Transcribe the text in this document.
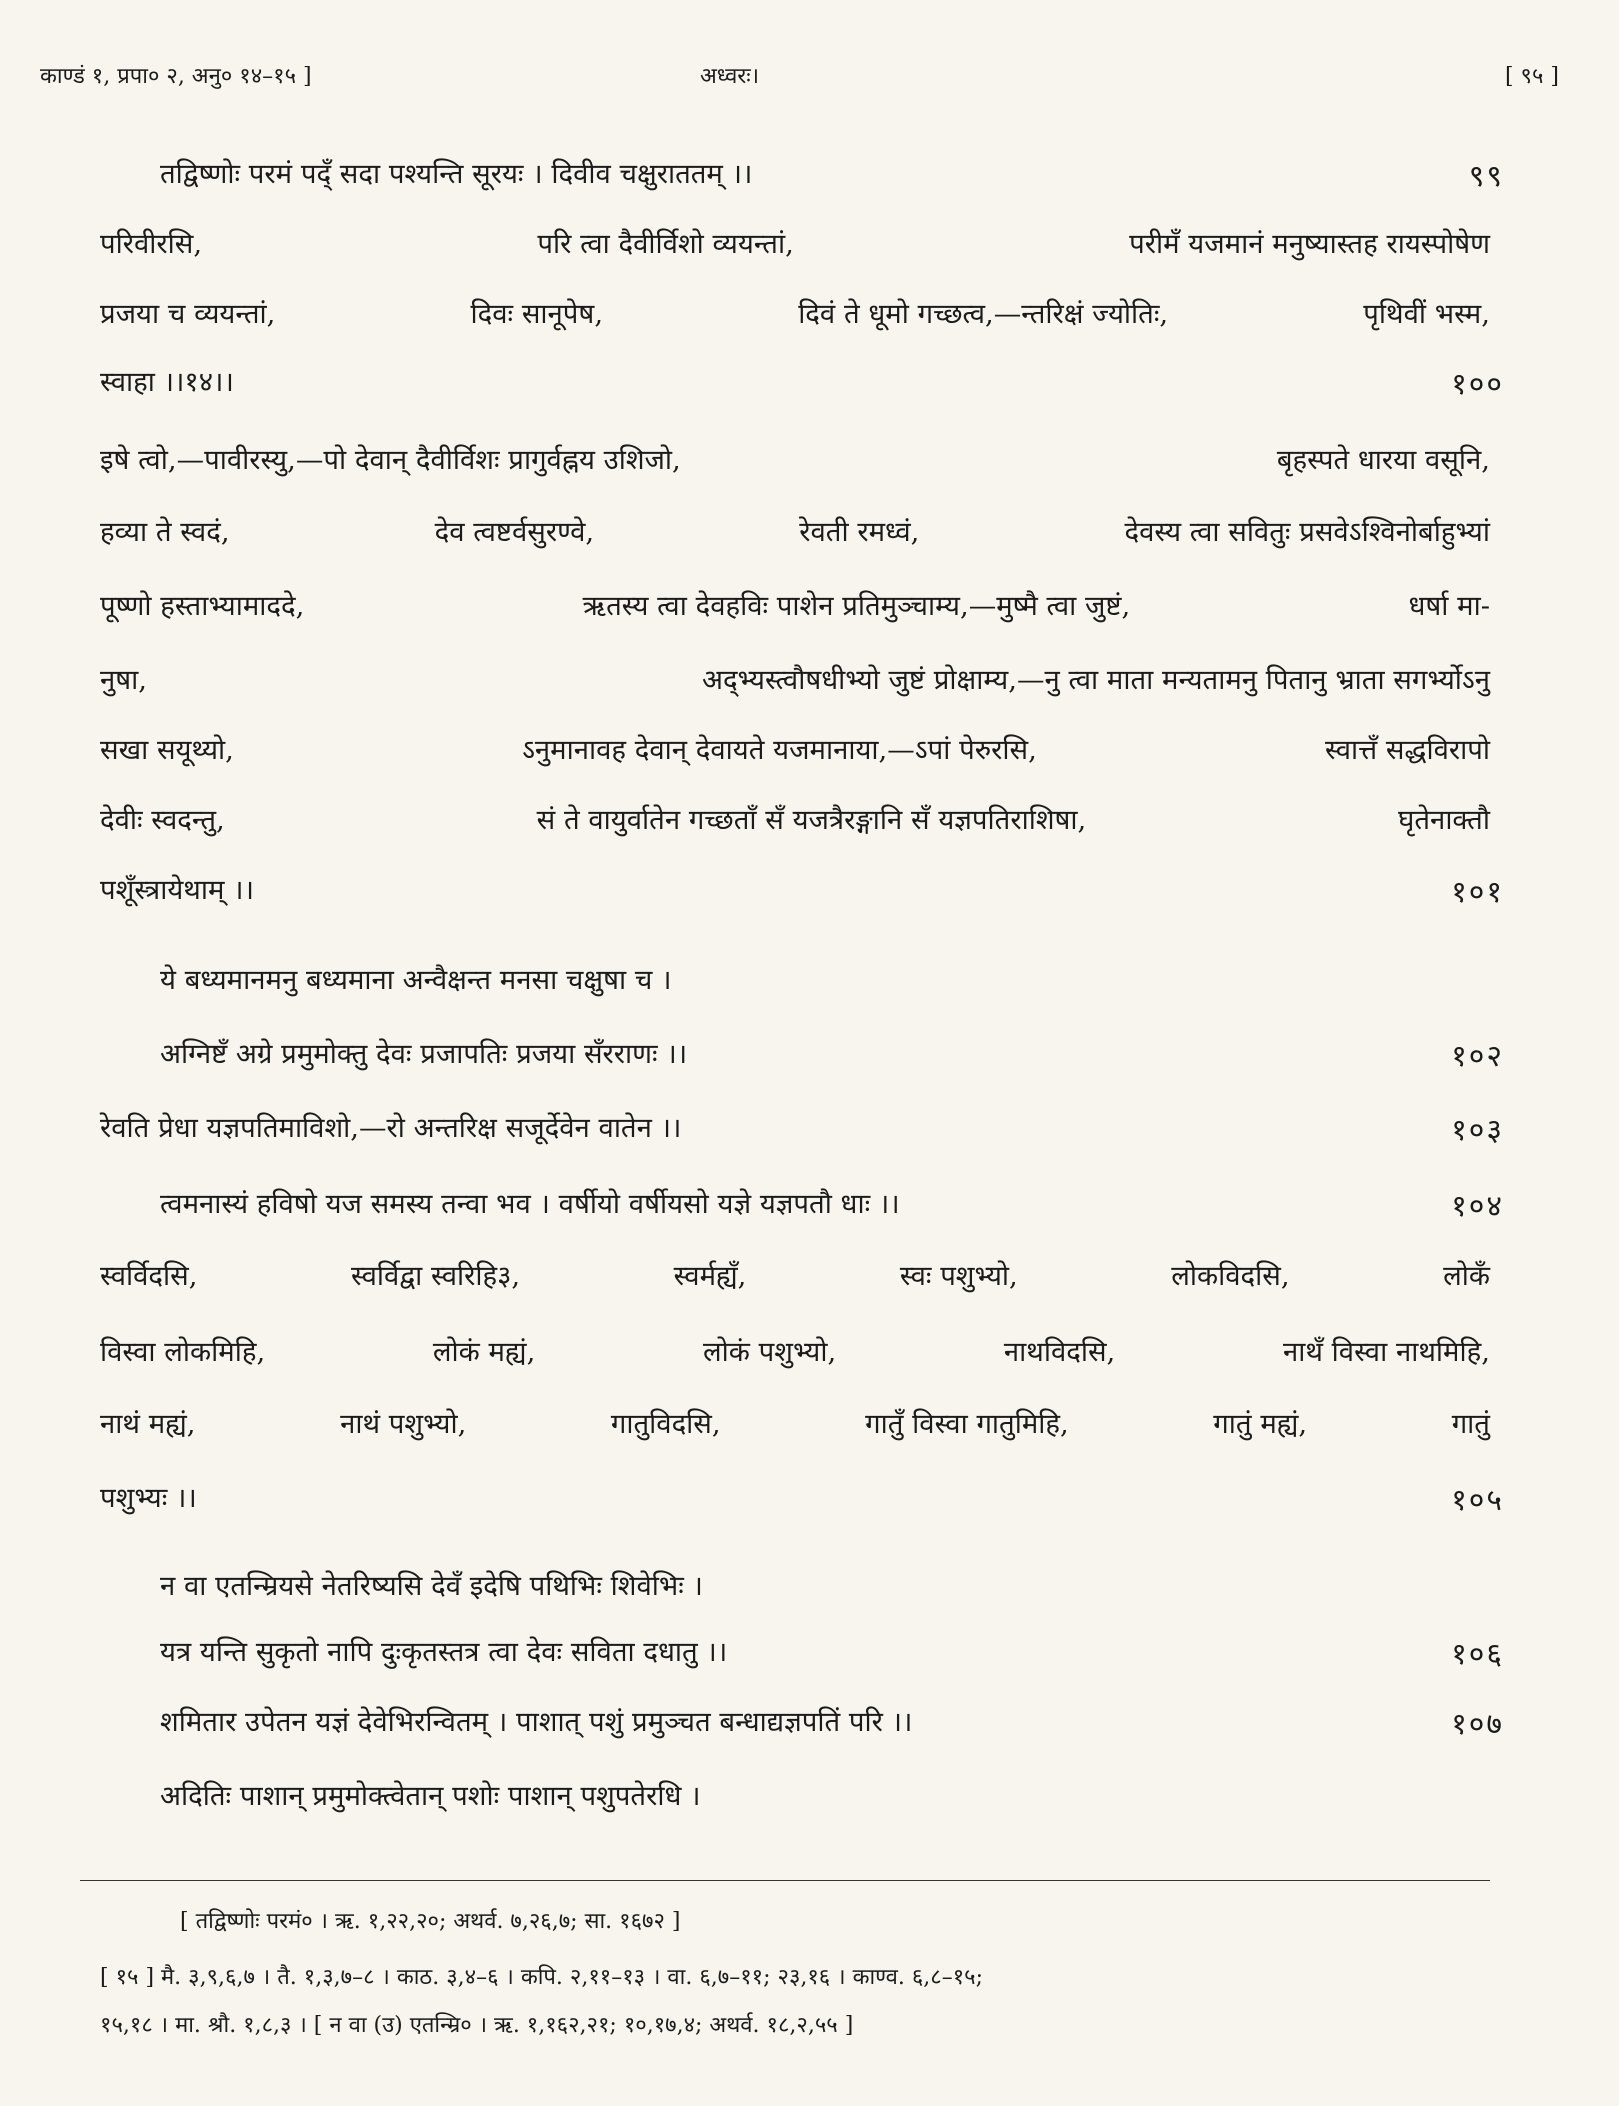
काण्डं १, प्रपा० २, अनु० १४–१५ ]	अध्वरः।	[ ९५ ]
तद्विष्णोः परमं पद्ँ सदा पश्यन्ति सूरयः । दिवीव चक्षुराततम् ।।	९९
परिवीरसि,	परि त्वा दैवीर्विशो व्ययन्तां,	परीमँ यजमानं मनुष्यास्तह रायस्पोषेण
प्रजया च व्ययन्तां,	दिवः सानूपेष,	दिवं ते धूमो गच्छत्व,—न्तरिक्षं ज्योतिः,	पृथिवीं भस्म,
स्वाहा ।।१४।।	१००
इषे त्वो,—पावीरस्यु,—पो देवान् दैवीर्विशः प्रागुर्वह्नय उशिजो,	बृहस्पते धारया वसूनि,
हव्या ते स्वदं,	देव त्वष्टर्वसुरण्वे,	रेवती रमध्वं,	देवस्य त्वा सवितुः प्रसवेऽश्विनोर्बाहुभ्यां
पूष्णो हस्ताभ्यामाददे,	ऋतस्य त्वा देवहविः पाशेन प्रतिमुञ्चाम्य,—मुष्मै त्वा जुष्टं,	धर्षा मा-
नुषा,	अद्भ्यस्त्वौषधीभ्यो जुष्टं प्रोक्षाम्य,—नु त्वा माता मन्यतामनु पितानु भ्राता सगर्भ्योऽनु
सखा सयूथ्यो,	ऽनुमानावह देवान् देवायते यजमानाया,—ऽपां पेरुरसि,	स्वात्तँ सद्धविरापो
देवीः स्वदन्तु,	सं ते वायुर्वातेन गच्छताँ सँ यजत्रैरङ्गानि सँ यज्ञपतिराशिषा,	घृतेनाक्तौ
पशूँस्त्रायेथाम् ।।	१०१
ये बध्यमानमनु बध्यमाना अन्वैक्षन्त मनसा चक्षुषा च ।
अग्निष्टँ अग्रे प्रमुमोक्तु देवः प्रजापतिः प्रजया सँरराणः ।।	१०२
रेवति प्रेधा यज्ञपतिमाविशो,—रो अन्तरिक्ष सजूर्देवेन वातेन ।।	१०३
त्वमनास्यं हविषो यज समस्य तन्वा भव । वर्षीयो वर्षीयसो यज्ञे यज्ञपतौ धाः ।।	१०४
स्वर्विदसि,	स्वर्विद्वा स्वरिहि३,	स्वर्मह्यँ,	स्वः पशुभ्यो,	लोकविदसि,	लोकँ
विस्वा लोकमिहि,	लोकं मह्यं,	लोकं पशुभ्यो,	नाथविदसि,	नाथँ विस्वा नाथमिहि,
नाथं मह्यं,	नाथं पशुभ्यो,	गातुविदसि,	गातुँ विस्वा गातुमिहि,	गातुं मह्यं,	गातुं
पशुभ्यः ।।	१०५
न वा एतन्म्रियसे नेतरिष्यसि देवँ इदेषि पथिभिः शिवेभिः ।
यत्र यन्ति सुकृतो नापि दुःकृतस्तत्र त्वा देवः सविता दधातु ।।	१०६
शमितार उपेतन यज्ञं देवेभिरन्वितम् । पाशात् पशुं प्रमुञ्चत बन्धाद्यज्ञपतिं परि ।।	१०७
अदितिः पाशान् प्रमुमोक्त्वेतान् पशोः पाशान् पशुपतेरधि ।
[ तद्विष्णोः परमं० । ऋ. १,२२,२०; अथर्व. ७,२६,७; सा. १६७२ ]
[ १५ ] मै. ३,९,६,७ । तै. १,३,७–८ । काठ. ३,४–६ । कपि. २,११–१३ । वा. ६,७–११; २३,१६ । काण्व. ६,८–१५;
१५,१८ । मा. श्रौ. १,८,३ । [ न वा (उ) एतन्म्रि० । ऋ. १,१६२,२१; १०,१७,४; अथर्व. १८,२,५५ ]
